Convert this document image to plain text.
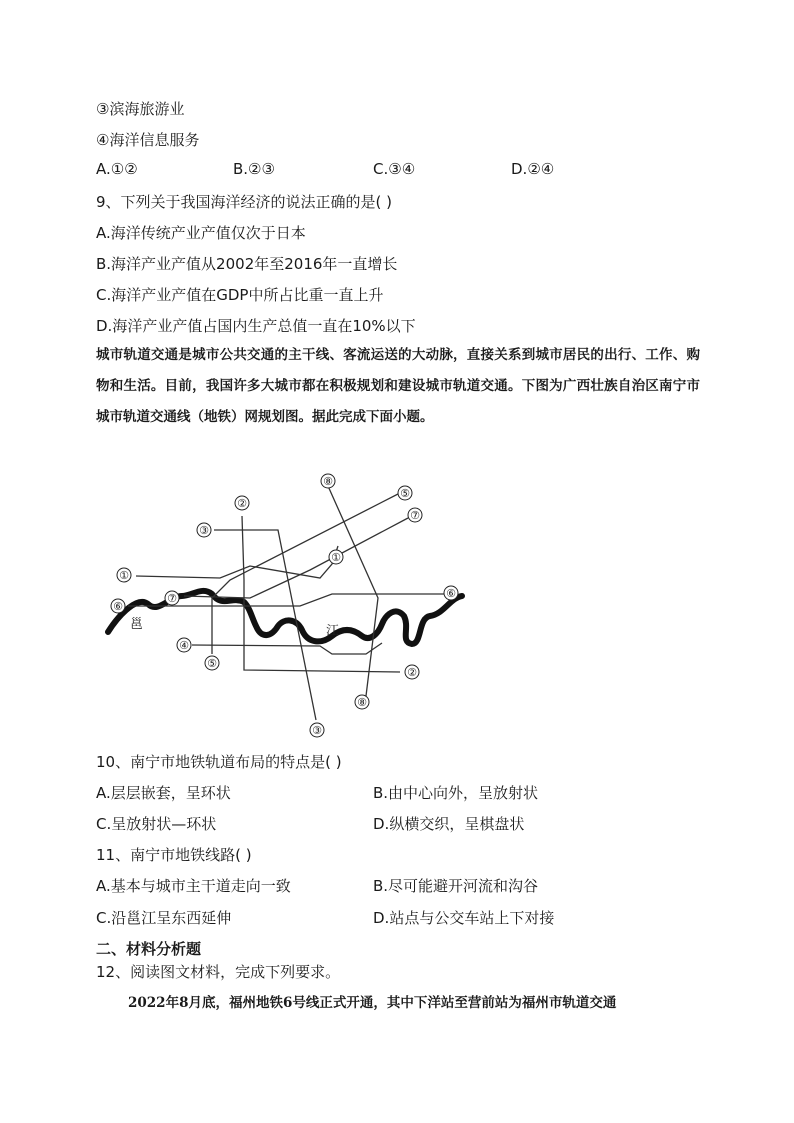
③滨海旅游业
④海洋信息服务
A.①②	B.②③	C.③④	D.②④
9、下列关于我国海洋经济的说法正确的是( )
A.海洋传统产业产值仅次于日本
B.海洋产业产值从2002年至2016年一直增长
C.海洋产业产值在GDP中所占比重一直上升
D.海洋产业产值占国内生产总值一直在10%以下
城市轨道交通是城市公共交通的主干线、客流运送的大动脉，直接关系到城市居民的出行、工作、购物和生活。目前，我国许多大城市都在积极规划和建设城市轨道交通。下图为广西壮族自治区南宁市城市轨道交通线（地铁）网规划图。据此完成下面小题。
①
①
②
②
③
③
④
⑤
⑤
⑥
⑥
⑦
⑦
⑧
⑧
邕	江
10、南宁市地铁轨道布局的特点是( )
A.层层嵌套，呈环状	B.由中心向外，呈放射状
C.呈放射状—环状	D.纵横交织，呈棋盘状
11、南宁市地铁线路( )
A.基本与城市主干道走向一致	B.尽可能避开河流和沟谷
C.沿邕江呈东西延伸	D.站点与公交车站上下对接
二、材料分析题
12、阅读图文材料，完成下列要求。
2022年8月底，福州地铁6号线正式开通，其中下洋站至营前站为福州市轨道交通
